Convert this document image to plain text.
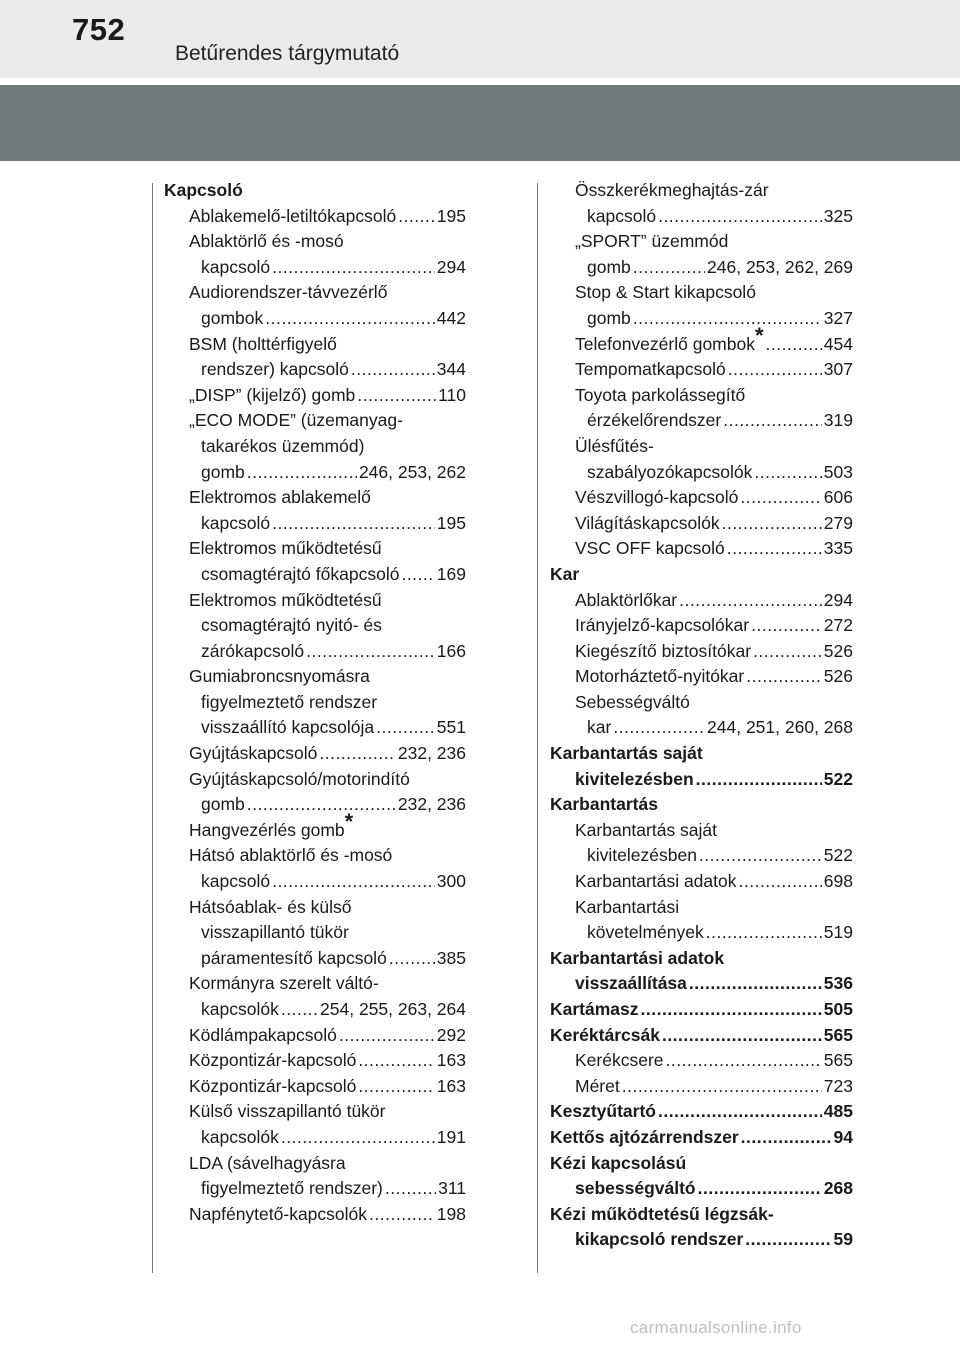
752
Betűrendes tárgymutató
Kapcsoló
Ablakemelő-letiltókapcsoló ..... 195
Ablaktörlő és -mosó
kapcsoló .....	294
Audiorendszer-távvezérlő
gombok .....	442
BSM (holttérfigyelő
rendszer) kapcsoló .....	344
„DISP” (kijelző) gomb .....	110
„ECO MODE” (üzemanyag-
takarékos üzemmód)
gomb .....	246, 253, 262
Elektromos ablakemelő
kapcsoló .....	195
Elektromos működtetésű
csomagtérajtó főkapcsoló ..... 169
Elektromos működtetésű
csomagtérajtó nyitó- és
zárókapcsoló .....	166
Gumiabroncsnyomásra
figyelmeztető rendszer
visszaállító kapcsolója .....	551
Gyújtáskapcsoló .....	232, 236
Gyújtáskapcsoló/motorindító
gomb .....	232, 236
Hangvezérlés gomb *
Hátsó ablaktörlő és -mosó
kapcsoló .....	300
Hátsóablak- és külső
visszapillantó tükör
páramentesítő kapcsoló .....	385
Kormányra szerelt váltó-
kapcsolók ..... 254, 255, 263, 264
Ködlámpakapcsoló .....	292
Központizár-kapcsoló .....	163
Központizár-kapcsoló .....	163
Külső visszapillantó tükör
kapcsolók .....	191
LDA (sávelhagyásra
figyelmeztető rendszer) .....	311
Napfénytető-kapcsolók .....	198
Összkerékmeghajtás-zár
kapcsoló .....	325
„SPORT” üzemmód
gomb .....	246, 253, 262, 269
Stop & Start kikapcsoló
gomb .....	327
Telefonvezérlő gombok * .....	454
Tempomatkapcsoló .....	307
Toyota parkolássegítő
érzékelőrendszer .....	319
Ülésfűtés-
szabályozókapcsolók .....	503
Vészvillogó-kapcsoló .....	606
Világításkapcsolók .....	279
VSC OFF kapcsoló .....	335
Kar
Ablaktörlőkar .....	294
Irányjelző-kapcsolókar .....	272
Kiegészítő biztosítókar .....	526
Motorháztető-nyitókar .....	526
Sebességváltó
kar .....	244, 251, 260, 268
Karbantartás saját
kivitelezésben .....	522
Karbantartás
Karbantartás saját
kivitelezésben .....	522
Karbantartási adatok .....	698
Karbantartási
követelmények .....	519
Karbantartási adatok
visszaállítása .....	536
Kartámasz .....	505
Keréktárcsák .....	565
Kerékcsere .....	565
Méret .....	723
Kesztyűtartó .....	485
Kettős ajtózárrendszer .....	94
Kézi kapcsolású
sebességváltó .....	268
Kézi működtetésű légzsák-
kikapcsoló rendszer .....	59
carmanualsonline.info
